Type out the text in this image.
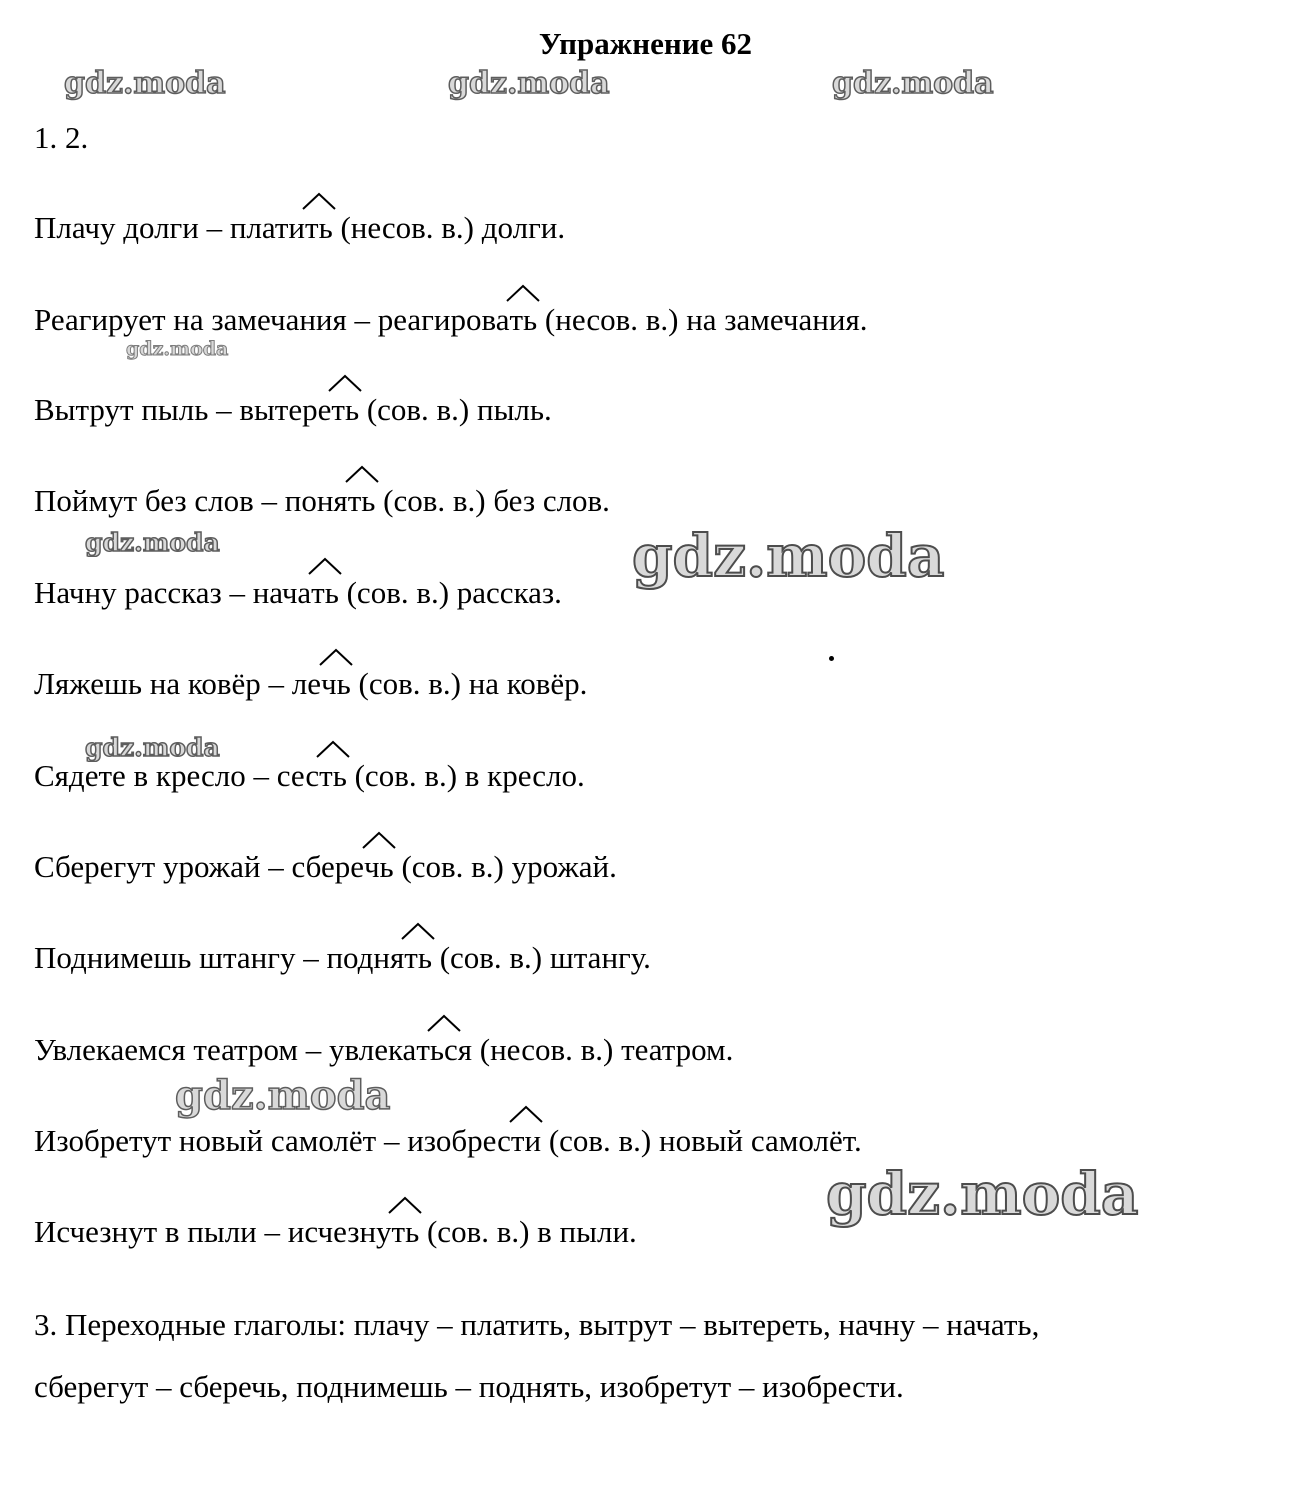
Упражнение 62
gdz.moda	gdz.moda	gdz.moda
gdz.moda
gdz.moda	gdz.moda
gdz.moda
gdz.moda
gdz.moda
1. 2.
Плачу долги – платить
(несов. в.) долги.
Реагирует на замечания – реагировать
(несов. в.) на замечания.
Вытрут пыль – вытереть
(сов. в.) пыль.
Поймут без слов – понять
(сов. в.) без слов.
Начну рассказ – начать
(сов. в.) рассказ.
Ляжешь на ковёр – лечь
(сов. в.) на ковёр.
Сядете в кресло – сесть
(сов. в.) в кресло.
Сберегут урожай – сберечь
(сов. в.) урожай.
Поднимешь штангу – поднять
(сов. в.) штангу.
Увлекаемся театром – увлекаться
(несов. в.) театром.
Изобретут новый самолёт – изобрести
(сов. в.) новый самолёт.
Исчезнут в пыли – исчезнуть
(сов. в.) в пыли.
3. Переходные глаголы: плачу – платить, вытрут – вытереть, начну – начать,
сберегут – сберечь, поднимешь – поднять, изобретут – изобрести.
